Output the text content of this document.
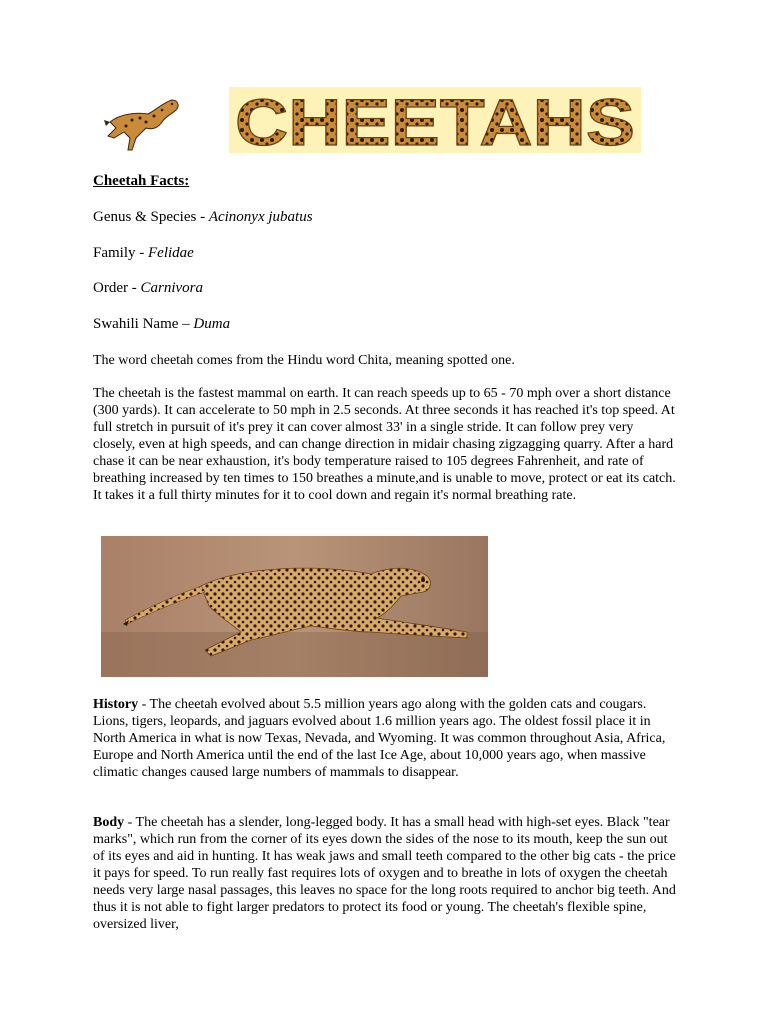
CHEETAHS
Cheetah Facts:
Genus & Species - Acinonyx jubatus
Family - Felidae
Order - Carnivora
Swahili Name – Duma
The word cheetah comes from the Hindu word Chita, meaning spotted one.
The cheetah is the fastest mammal on earth. It can reach speeds up to 65 - 70 mph over a short distance (300 yards). It can accelerate to 50 mph in 2.5 seconds. At three seconds it has reached it's top speed. At full stretch in pursuit of it's prey it can cover almost 33' in a single stride. It can follow prey very closely, even at high speeds, and can change direction in midair chasing zigzagging quarry. After a hard chase it can be near exhaustion, it's body temperature raised to 105 degrees Fahrenheit, and rate of breathing increased by ten times to 150 breathes a minute,and is unable to move, protect or eat its catch. It takes it a full thirty minutes for it to cool down and regain it's normal breathing rate.
History - The cheetah evolved about 5.5 million years ago along with the golden cats and cougars. Lions, tigers, leopards, and jaguars evolved about 1.6 million years ago. The oldest fossil place it in North America in what is now Texas, Nevada, and Wyoming. It was common throughout Asia, Africa, Europe and North America until the end of the last Ice Age, about 10,000 years ago, when massive climatic changes caused large numbers of mammals to disappear.
Body - The cheetah has a slender, long-legged body. It has a small head with high-set eyes. Black "tear marks", which run from the corner of its eyes down the sides of the nose to its mouth, keep the sun out of its eyes and aid in hunting. It has weak jaws and small teeth compared to the other big cats - the price it pays for speed. To run really fast requires lots of oxygen and to breathe in lots of oxygen the cheetah needs very large nasal passages, this leaves no space for the long roots required to anchor big teeth. And thus it is not able to fight larger predators to protect its food or young. The cheetah's flexible spine, oversized liver,
